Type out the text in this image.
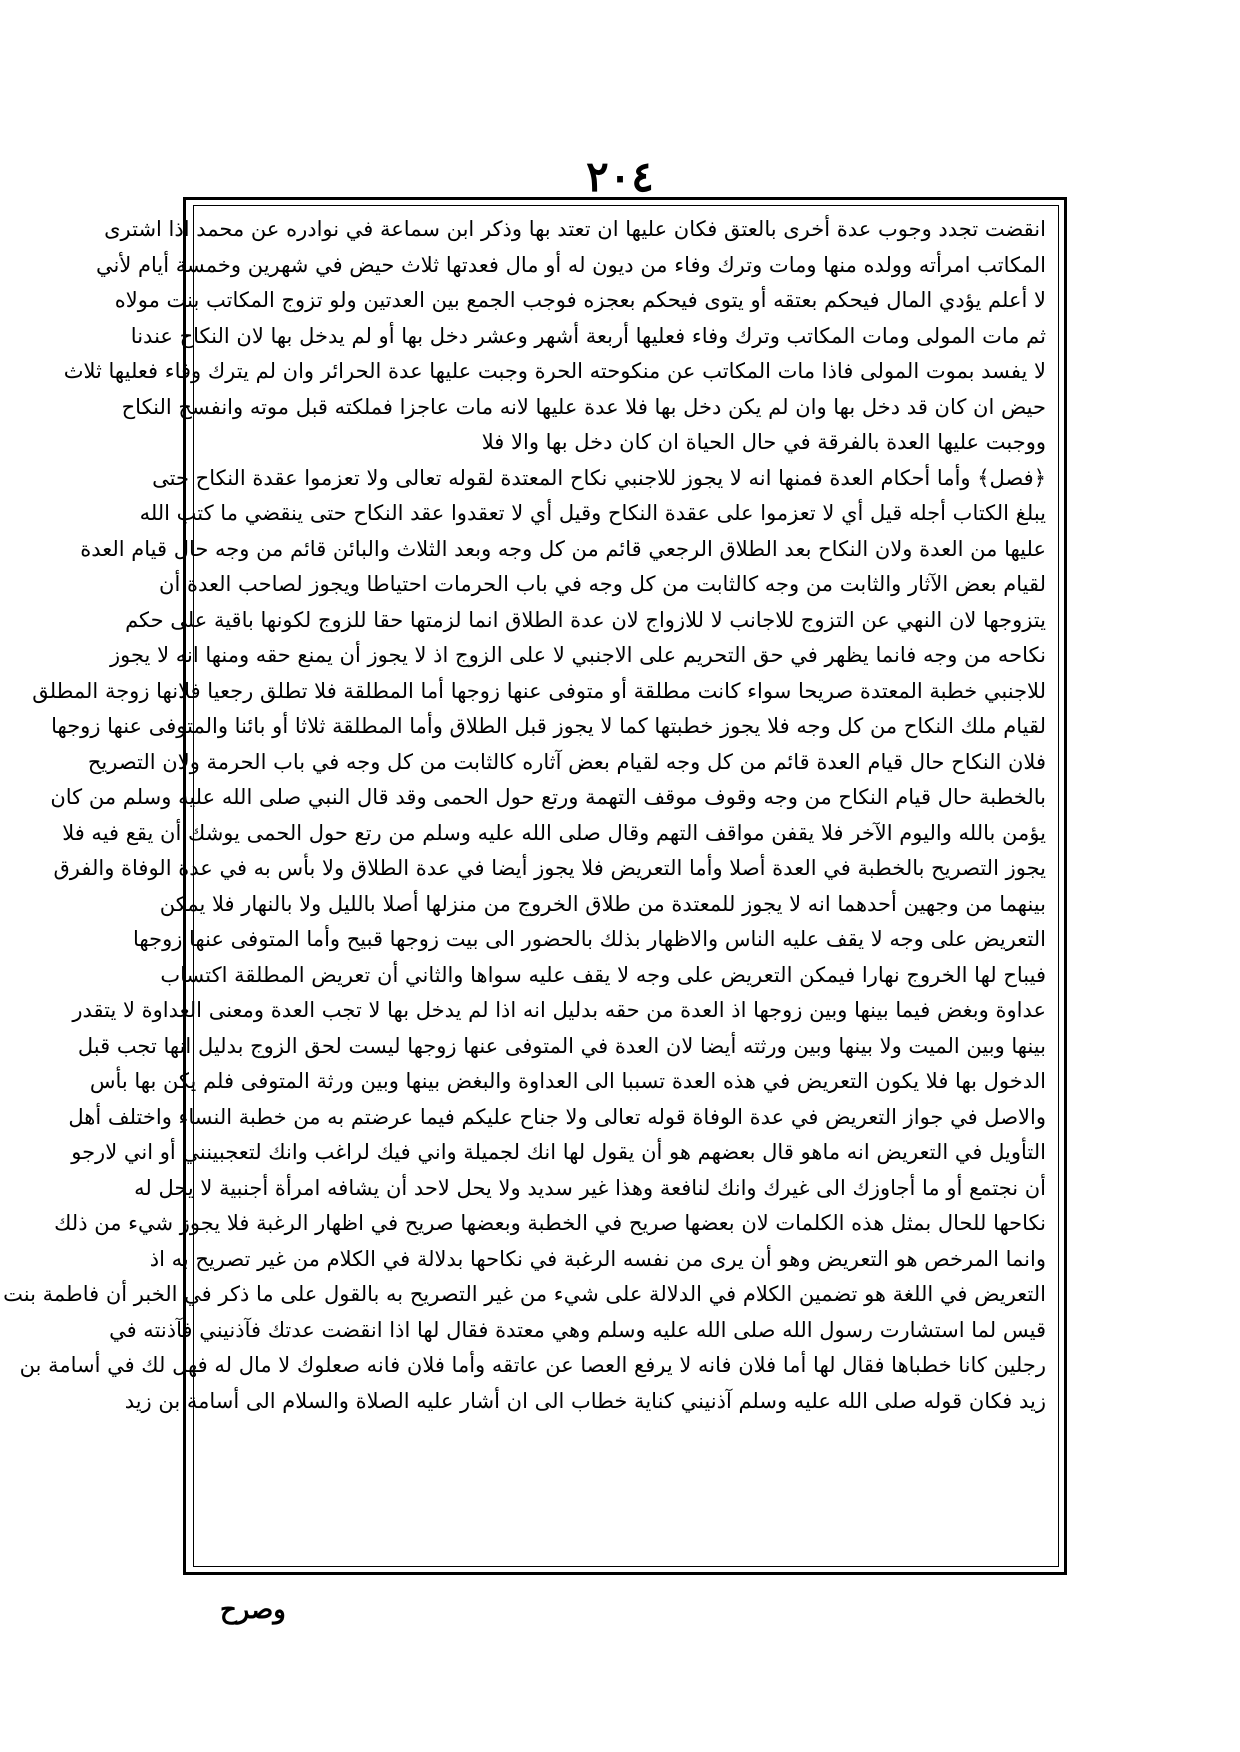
٢٠٤
انقضت تجدد وجوب عدة أخرى بالعتق فكان عليها ان تعتد بها وذكر ابن سماعة في نوادره عن محمد اذا اشترى
المكاتب امرأته وولده منها ومات وترك وفاء من ديون له أو مال فعدتها ثلاث حيض في شهرين وخمسة أيام لأني
لا أعلم يؤدي المال فيحكم بعتقه أو يتوى فيحكم بعجزه فوجب الجمع بين العدتين ولو تزوج المكاتب بنت مولاه
ثم مات المولى ومات المكاتب وترك وفاء فعليها أربعة أشهر وعشر دخل بها أو لم يدخل بها لان النكاح عندنا
لا يفسد بموت المولى فاذا مات المكاتب عن منكوحته الحرة وجبت عليها عدة الحرائر وان لم يترك وفاء فعليها ثلاث
حيض ان كان قد دخل بها وان لم يكن دخل بها فلا عدة عليها لانه مات عاجزا فملكته قبل موته وانفسخ النكاح
ووجبت عليها العدة بالفرقة في حال الحياة ان كان دخل بها والا فلا
﴿فصل﴾ وأما أحكام العدة فمنها انه لا يجوز للاجنبي نكاح المعتدة لقوله تعالى ولا تعزموا عقدة النكاح حتى
يبلغ الكتاب أجله قيل أي لا تعزموا على عقدة النكاح وقيل أي لا تعقدوا عقد النكاح حتى ينقضي ما كتب الله
عليها من العدة ولان النكاح بعد الطلاق الرجعي قائم من كل وجه وبعد الثلاث والبائن قائم من وجه حال قيام العدة
لقيام بعض الآثار والثابت من وجه كالثابت من كل وجه في باب الحرمات احتياطا ويجوز لصاحب العدة أن
يتزوجها لان النهي عن التزوج للاجانب لا للازواج لان عدة الطلاق انما لزمتها حقا للزوج لكونها باقية على حكم
نكاحه من وجه فانما يظهر في حق التحريم على الاجنبي لا على الزوج اذ لا يجوز أن يمنع حقه ومنها انه لا يجوز
للاجنبي خطبة المعتدة صريحا سواء كانت مطلقة أو متوفى عنها زوجها أما المطلقة فلا تطلق رجعيا فلانها زوجة المطلق
لقيام ملك النكاح من كل وجه فلا يجوز خطبتها كما لا يجوز قبل الطلاق وأما المطلقة ثلاثا أو بائنا والمتوفى عنها زوجها
فلان النكاح حال قيام العدة قائم من كل وجه لقيام بعض آثاره كالثابت من كل وجه في باب الحرمة ولان التصريح
بالخطبة حال قيام النكاح من وجه وقوف موقف التهمة ورتع حول الحمى وقد قال النبي صلى الله عليه وسلم من كان
يؤمن بالله واليوم الآخر فلا يقفن مواقف التهم وقال صلى الله عليه وسلم من رتع حول الحمى يوشك أن يقع فيه فلا
يجوز التصريح بالخطبة في العدة أصلا وأما التعريض فلا يجوز أيضا في عدة الطلاق ولا بأس به في عدة الوفاة والفرق
بينهما من وجهين أحدهما انه لا يجوز للمعتدة من طلاق الخروج من منزلها أصلا بالليل ولا بالنهار فلا يمكن
التعريض على وجه لا يقف عليه الناس والاظهار بذلك بالحضور الى بيت زوجها قبيح وأما المتوفى عنها زوجها
فيباح لها الخروج نهارا فيمكن التعريض على وجه لا يقف عليه سواها والثاني أن تعريض المطلقة اكتساب
عداوة وبغض فيما بينها وبين زوجها اذ العدة من حقه بدليل انه اذا لم يدخل بها لا تجب العدة ومعنى العداوة لا يتقدر
بينها وبين الميت ولا بينها وبين ورثته أيضا لان العدة في المتوفى عنها زوجها ليست لحق الزوج بدليل انها تجب قبل
الدخول بها فلا يكون التعريض في هذه العدة تسببا الى العداوة والبغض بينها وبين ورثة المتوفى فلم يكن بها بأس
والاصل في جواز التعريض في عدة الوفاة قوله تعالى ولا جناح عليكم فيما عرضتم به من خطبة النساء واختلف أهل
التأويل في التعريض انه ماهو قال بعضهم هو أن يقول لها انك لجميلة واني فيك لراغب وانك لتعجبينني أو اني لارجو
أن نجتمع أو ما أجاوزك الى غيرك وانك لنافعة وهذا غير سديد ولا يحل لاحد أن يشافه امرأة أجنبية لا يحل له
نكاحها للحال بمثل هذه الكلمات لان بعضها صريح في الخطبة وبعضها صريح في اظهار الرغبة فلا يجوز شيء من ذلك
وانما المرخص هو التعريض وهو أن يرى من نفسه الرغبة في نكاحها بدلالة في الكلام من غير تصريح به اذ
التعريض في اللغة هو تضمين الكلام في الدلالة على شيء من غير التصريح به بالقول على ما ذكر في الخبر أن فاطمة بنت
قيس لما استشارت رسول الله صلى الله عليه وسلم وهي معتدة فقال لها اذا انقضت عدتك فآذنيني فآذنته في
رجلين كانا خطباها فقال لها أما فلان فانه لا يرفع العصا عن عاتقه وأما فلان فانه صعلوك لا مال له فهل لك في أسامة بن
زيد فكان قوله صلى الله عليه وسلم آذنيني كناية خطاب الى ان أشار عليه الصلاة والسلام الى أسامة بن زيد
وصرح
